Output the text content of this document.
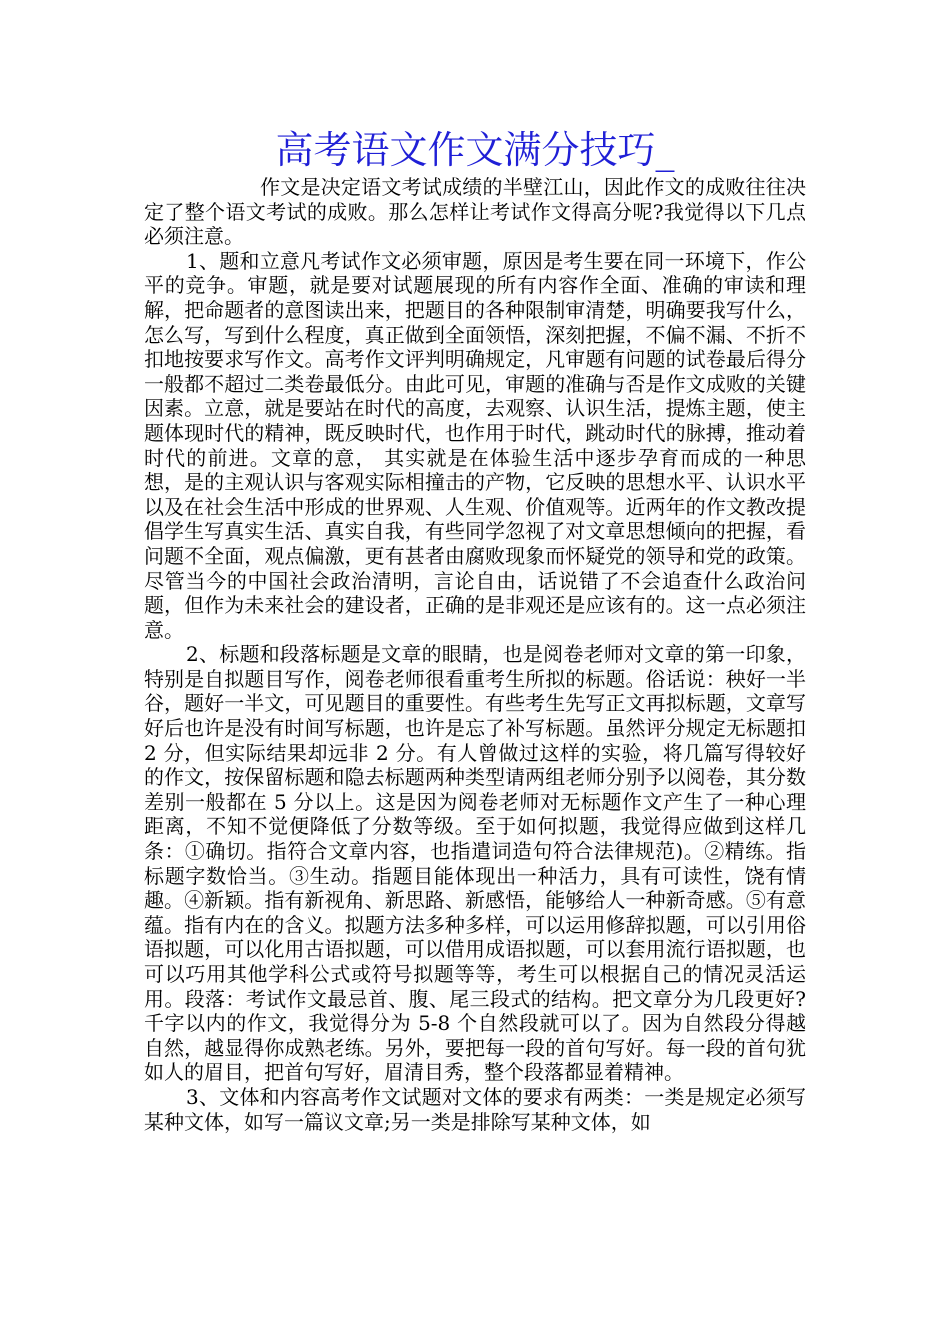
高考语文作文满分技巧_

作文是决定语文考试成绩的半壁江山，因此作文的成败往往决定了整个语文考试的成败。那么怎样让考试作文得高分呢?我觉得以下几点必须注意。

1、题和立意凡考试作文必须审题，原因是考生要在同一环境下，作公平的竞争。审题，就是要对试题展现的所有内容作全面、准确的审读和理解，把命题者的意图读出来，把题目的各种限制审清楚，明确要我写什么，怎么写，写到什么程度，真正做到全面领悟，深刻把握，不偏不漏、不折不扣地按要求写作文。高考作文评判明确规定，凡审题有问题的试卷最后得分一般都不超过二类卷最低分。由此可见，审题的准确与否是作文成败的关键因素。立意，就是要站在时代的高度，去观察、认识生活，提炼主题，使主题体现时代的精神，既反映时代，也作用于时代，跳动时代的脉搏，推动着时代的前进。文章的意， 其实就是在体验生活中逐步孕育而成的一种思想，是的主观认识与客观实际相撞击的产物，它反映的思想水平、认识水平以及在社会生活中形成的世界观、人生观、价值观等。近两年的作文教改提倡学生写真实生活、真实自我，有些同学忽视了对文章思想倾向的把握，看问题不全面，观点偏激，更有甚者由腐败现象而怀疑党的领导和党的政策。尽管当今的中国社会政治清明，言论自由，话说错了不会追查什么政治问题，但作为未来社会的建设者，正确的是非观还是应该有的。这一点必须注意。

2、标题和段落标题是文章的眼睛，也是阅卷老师对文章的第一印象，特别是自拟题目写作，阅卷老师很看重考生所拟的标题。俗话说：秧好一半谷，题好一半文，可见题目的重要性。有些考生先写正文再拟标题，文章写好后也许是没有时间写标题，也许是忘了补写标题。虽然评分规定无标题扣 2 分，但实际结果却远非 2 分。有人曾做过这样的实验，将几篇写得较好的作文，按保留标题和隐去标题两种类型请两组老师分别予以阅卷，其分数差别一般都在 5 分以上。这是因为阅卷老师对无标题作文产生了一种心理距离，不知不觉便降低了分数等级。至于如何拟题，我觉得应做到这样几条：①确切。指符合文章内容，也指遣词造句符合法律规范)。②精练。指标题字数恰当。③生动。指题目能体现出一种活力，具有可读性，饶有情趣。④新颖。指有新视角、新思路、新感悟，能够给人一种新奇感。⑤有意蕴。指有内在的含义。拟题方法多种多样，可以运用修辞拟题，可以引用俗语拟题，可以化用古语拟题，可以借用成语拟题，可以套用流行语拟题，也可以巧用其他学科公式或符号拟题等等，考生可以根据自己的情况灵活运用。段落：考试作文最忌首、腹、尾三段式的结构。把文章分为几段更好?千字以内的作文，我觉得分为 5-8 个自然段就可以了。因为自然段分得越自然，越显得你成熟老练。另外，要把每一段的首句写好。每一段的首句犹如人的眉目，把首句写好，眉清目秀，整个段落都显着精神。

3、文体和内容高考作文试题对文体的要求有两类：一类是规定必须写某种文体，如写一篇议文章;另一类是排除写某种文体，如
